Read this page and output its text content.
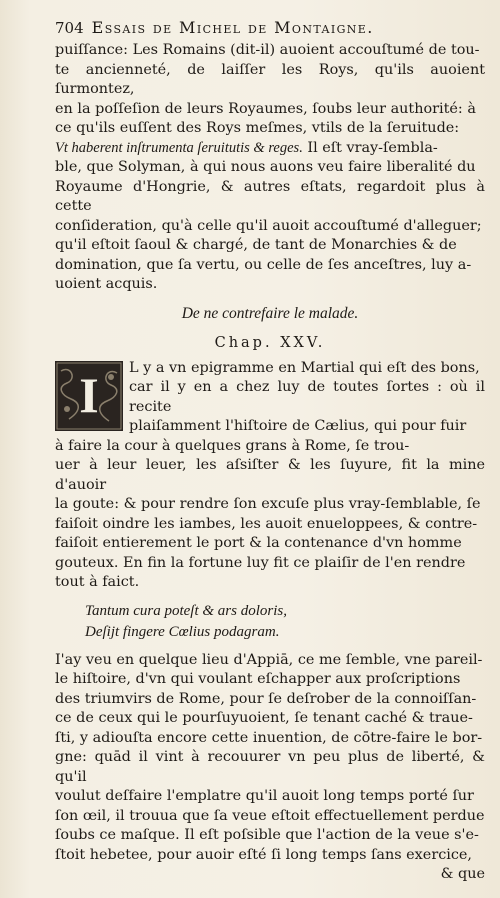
704 Essais de Michel de Montaigne.

puiſſance: Les Romains (dit-il) auoient accouſtumé de tou-

te ancienneté, de laiſſer les Roys, qu'ils auoient ſurmontez,

en la poſſeſion de leurs Royaumes, ſoubs leur authorité: à

ce qu'ils euſſent des Roys meſmes, vtils de la ſeruitude:

Vt haberent inſtrumenta ſeruitutis & reges. Il eſt vray-ſembla-

ble, que Solyman, à qui nous auons veu faire liberalité du

Royaume d'Hongrie, & autres eſtats, regardoit plus à cette

conſideration, qu'à celle qu'il auoit accouſtumé d'alleguer;

qu'il eſtoit ſaoul & chargé, de tant de Monarchies & de

domination, que ſa vertu, ou celle de ſes anceſtres, luy a-

uoient acquis.

De ne contrefaire le malade.
Chap. XXV.
I	L y a vn epigramme en Martial qui eſt des bons,

car il y en a chez luy de toutes ſortes : où il recite

plaiſamment l'hiſtoire de Cælius, qui pour fuir

à faire la cour à quelques grans à Rome, ſe trou-

uer à leur leuer, les aſsiſter & les ſuyure, fit la mine d'auoir

la goute: & pour rendre ſon excuſe plus vray-ſemblable, ſe

faiſoit oindre les iambes, les auoit enueloppees, & contre-

faiſoit entierement le port & la contenance d'vn homme

gouteux. En fin la fortune luy fit ce plaiſir de l'en rendre

tout à faict.

Tantum cura poteſt & ars doloris,

Deſijt fingere Cœlius podagram.

I'ay veu en quelque lieu d'Appiā, ce me ſemble, vne pareil-

le hiſtoire, d'vn qui voulant eſchapper aux proſcriptions

des triumvirs de Rome, pour ſe deſrober de la connoiſſan-

ce de ceux qui le pourſuyuoient, ſe tenant caché & traue-

ſti, y adiouſta encore cette inuention, de cōtre-faire le bor-

gne: quād il vint à recouurer vn peu plus de liberté, & qu'il

voulut deſfaire l'emplatre qu'il auoit long temps porté ſur

ſon œil, il trouua que ſa veue eſtoit effectuellement perdue

ſoubs ce maſque. Il eſt poſsible que l'action de la veue s'e-

ſtoit hebetee, pour auoir eſté ſi long temps ſans exercice,

& que
